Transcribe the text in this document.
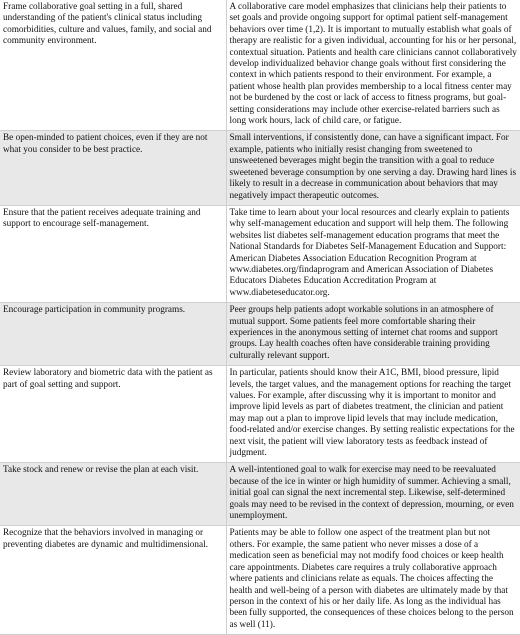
Frame collaborative goal setting in a full, shared understanding of the patient's clinical status including comorbidities, culture and values, family, and social and community environment.	A collaborative care model emphasizes that clinicians help their patients to set goals and provide ongoing support for optimal patient self-management behaviors over time (1,2). It is important to mutually establish what goals of therapy are realistic for a given individual, accounting for his or her personal, contextual situation. Patients and health care clinicians cannot collaboratively develop individualized behavior change goals without first considering the context in which patients respond to their environment. For example, a patient whose health plan provides membership to a local fitness center may not be burdened by the cost or lack of access to fitness programs, but goal-setting considerations may include other exercise-related barriers such as long work hours, lack of child care, or fatigue.
Be open-minded to patient choices, even if they are not what you consider to be best practice.	Small interventions, if consistently done, can have a significant impact. For example, patients who initially resist changing from sweetened to unsweetened beverages might begin the transition with a goal to reduce sweetened beverage consumption by one serving a day. Drawing hard lines is likely to result in a decrease in communication about behaviors that may negatively impact therapeutic outcomes.
Ensure that the patient receives adequate training and support to encourage self-management.	Take time to learn about your local resources and clearly explain to patients why self-management education and support will help them. The following websites list diabetes self-management education programs that meet the National Standards for Diabetes Self-Management Education and Support: American Diabetes Association Education Recognition Program at www.diabetes.org/findaprogram and American Association of Diabetes Educators Diabetes Education Accreditation Program at www.diabeteseducator.org.
Encourage participation in community programs.	Peer groups help patients adopt workable solutions in an atmosphere of mutual support. Some patients feel more comfortable sharing their experiences in the anonymous setting of internet chat rooms and support groups. Lay health coaches often have considerable training providing culturally relevant support.
Review laboratory and biometric data with the patient as part of goal setting and support.	In particular, patients should know their A1C, BMI, blood pressure, lipid levels, the target values, and the management options for reaching the target values. For example, after discussing why it is important to monitor and improve lipid levels as part of diabetes treatment, the clinician and patient may map out a plan to improve lipid levels that may include medication, food-related and/or exercise changes. By setting realistic expectations for the next visit, the patient will view laboratory tests as feedback instead of judgment.
Take stock and renew or revise the plan at each visit.	A well-intentioned goal to walk for exercise may need to be reevaluated because of the ice in winter or high humidity of summer. Achieving a small, initial goal can signal the next incremental step. Likewise, self-determined goals may need to be revised in the context of depression, mourning, or even unemployment.
Recognize that the behaviors involved in managing or preventing diabetes are dynamic and multidimensional.	Patients may be able to follow one aspect of the treatment plan but not others. For example, the same patient who never misses a dose of a medication seen as beneficial may not modify food choices or keep health care appointments. Diabetes care requires a truly collaborative approach where patients and clinicians relate as equals. The choices affecting the health and well-being of a person with diabetes are ultimately made by that person in the context of his or her daily life. As long as the individual has been fully supported, the consequences of these choices belong to the person as well (11).
